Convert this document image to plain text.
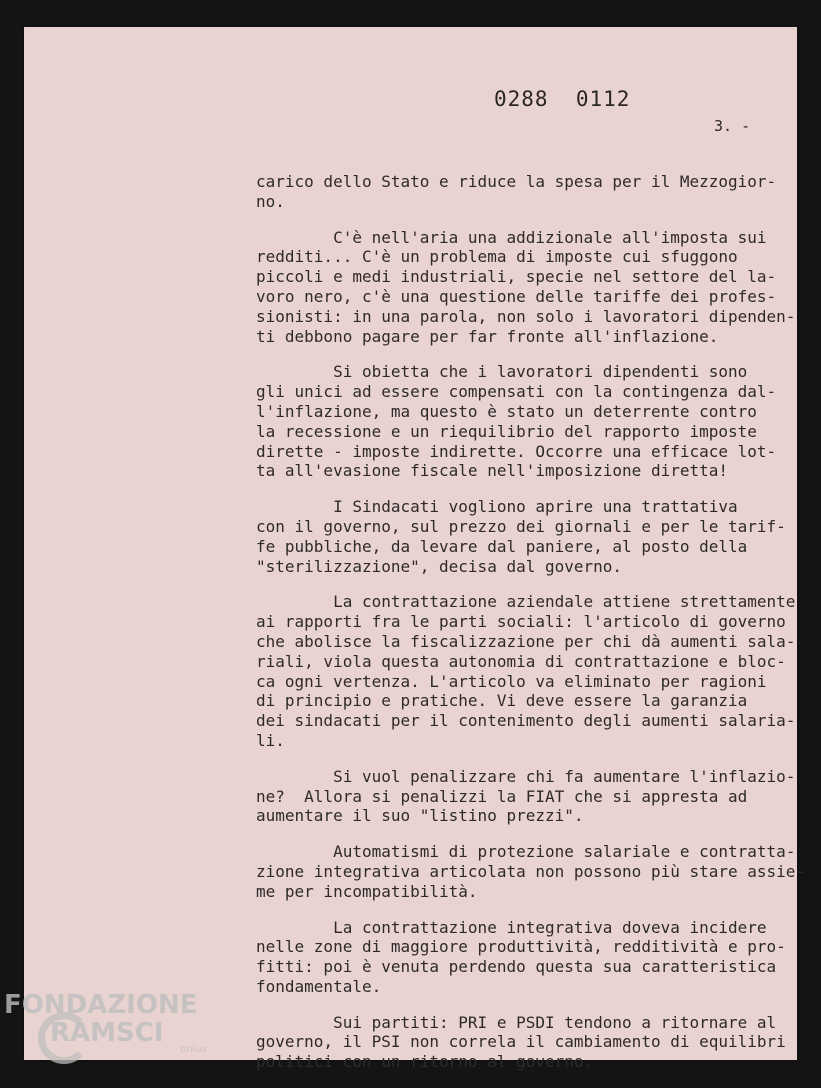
0288  0112
3. -

carico dello Stato e riduce la spesa per il Mezzogior-
no.

C'è nell'aria una addizionale all'imposta sui
redditi... C'è un problema di imposte cui sfuggono
piccoli e medi industriali, specie nel settore del la-
voro nero, c'è una questione delle tariffe dei profes-
sionisti: in una parola, non solo i lavoratori dipenden-
ti debbono pagare per far fronte all'inflazione.

Si obietta che i lavoratori dipendenti sono
gli unici ad essere compensati con la contingenza dal-
l'inflazione, ma questo è stato un deterrente contro
la recessione e un riequilibrio del rapporto imposte
dirette - imposte indirette. Occorre una efficace lot-
ta all'evasione fiscale nell'imposizione diretta!

I Sindacati vogliono aprire una trattativa
con il governo, sul prezzo dei giornali e per le tarif-
fe pubbliche, da levare dal paniere, al posto della
"sterilizzazione", decisa dal governo.

La contrattazione aziendale attiene strettamente
ai rapporti fra le parti sociali: l'articolo di governo
che abolisce la fiscalizzazione per chi dà aumenti sala-
riali, viola questa autonomia di contrattazione e bloc-
ca ogni vertenza. L'articolo va eliminato per ragioni
di principio e pratiche. Vi deve essere la garanzia
dei sindacati per il contenimento degli aumenti salaria-
li.

Si vuol penalizzare chi fa aumentare l'inflazio-
ne?  Allora si penalizzi la FIAT che si appresta ad
aumentare il suo "listino prezzi".

Automatismi di protezione salariale e contratta-
zione integrativa articolata non possono più stare assie-
me per incompatibilità.

La contrattazione integrativa doveva incidere
nelle zone di maggiore produttività, redditività e pro-
fitti: poi è venuta perdendo questa sua caratteristica
fondamentale.

Sui partiti: PRI e PSDI tendono a ritornare al
governo, il PSI non correla il cambiamento di equilibri
politici con un ritorno al governo.

FONDAZIONE
RAMSCI
onlus
